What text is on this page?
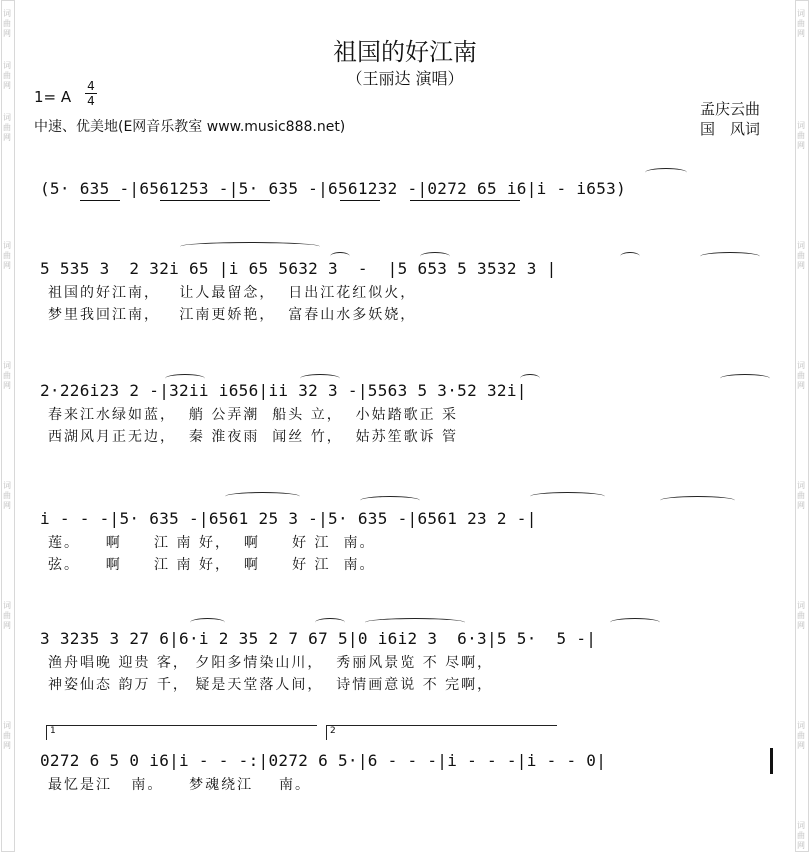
词曲网
词曲网
词曲网
词曲网
词曲网
词曲网
词曲网
词曲网
词曲网
词曲网
词曲网
词曲网
词曲网
词曲网
词曲网
词曲网
祖国的好江南
（王丽达 演唱）
1= A
4
4
中速、优美地(E网音乐教室 www.music888.net)
孟庆云曲
国　风词
(5· 635 -|6561253 -|5· 635 -|6561232 -|0272 65 i6|i - i653)
5 535 3  2 32i 65 |i 65 5632 3  -  |5 653 5 3532 3 |
祖国的好江南，   让人最留念，  日出江花红似火，
梦里我回江南，   江南更娇艳，  富春山水多妖娆，
2·226i23 2 -|32ii i656|ii 32 3 -|5563 5 3·52 32i|
春来江水绿如蓝，  艄 公弄潮  船头 立，  小姑踏歌正 采
西湖风月正无边，  秦 淮夜雨  闻丝 竹，  姑苏笙歌诉 管
i - - -|5· 635 -|6561 25 3 -|5· 635 -|6561 23 2 -|
莲。    啊     江 南 好，  啊     好 江  南。
弦。    啊     江 南 好，  啊     好 江  南。
3 3235 3 27 6|6·i 2 35 2 7 67 5|0 i6i2 3  6·3|5 5·  5 -|
渔舟唱晚 迎贵 客， 夕阳多情染山川，  秀丽风景览 不 尽啊，
神姿仙态 韵万 千， 疑是天堂落人间，  诗情画意说 不 完啊，
1	2
0272 6 5 0 i6|i - - -:|0272 6 5·|6 - - -|i - - -|i - - 0|
最忆是江   南。    梦魂绕江    南。
